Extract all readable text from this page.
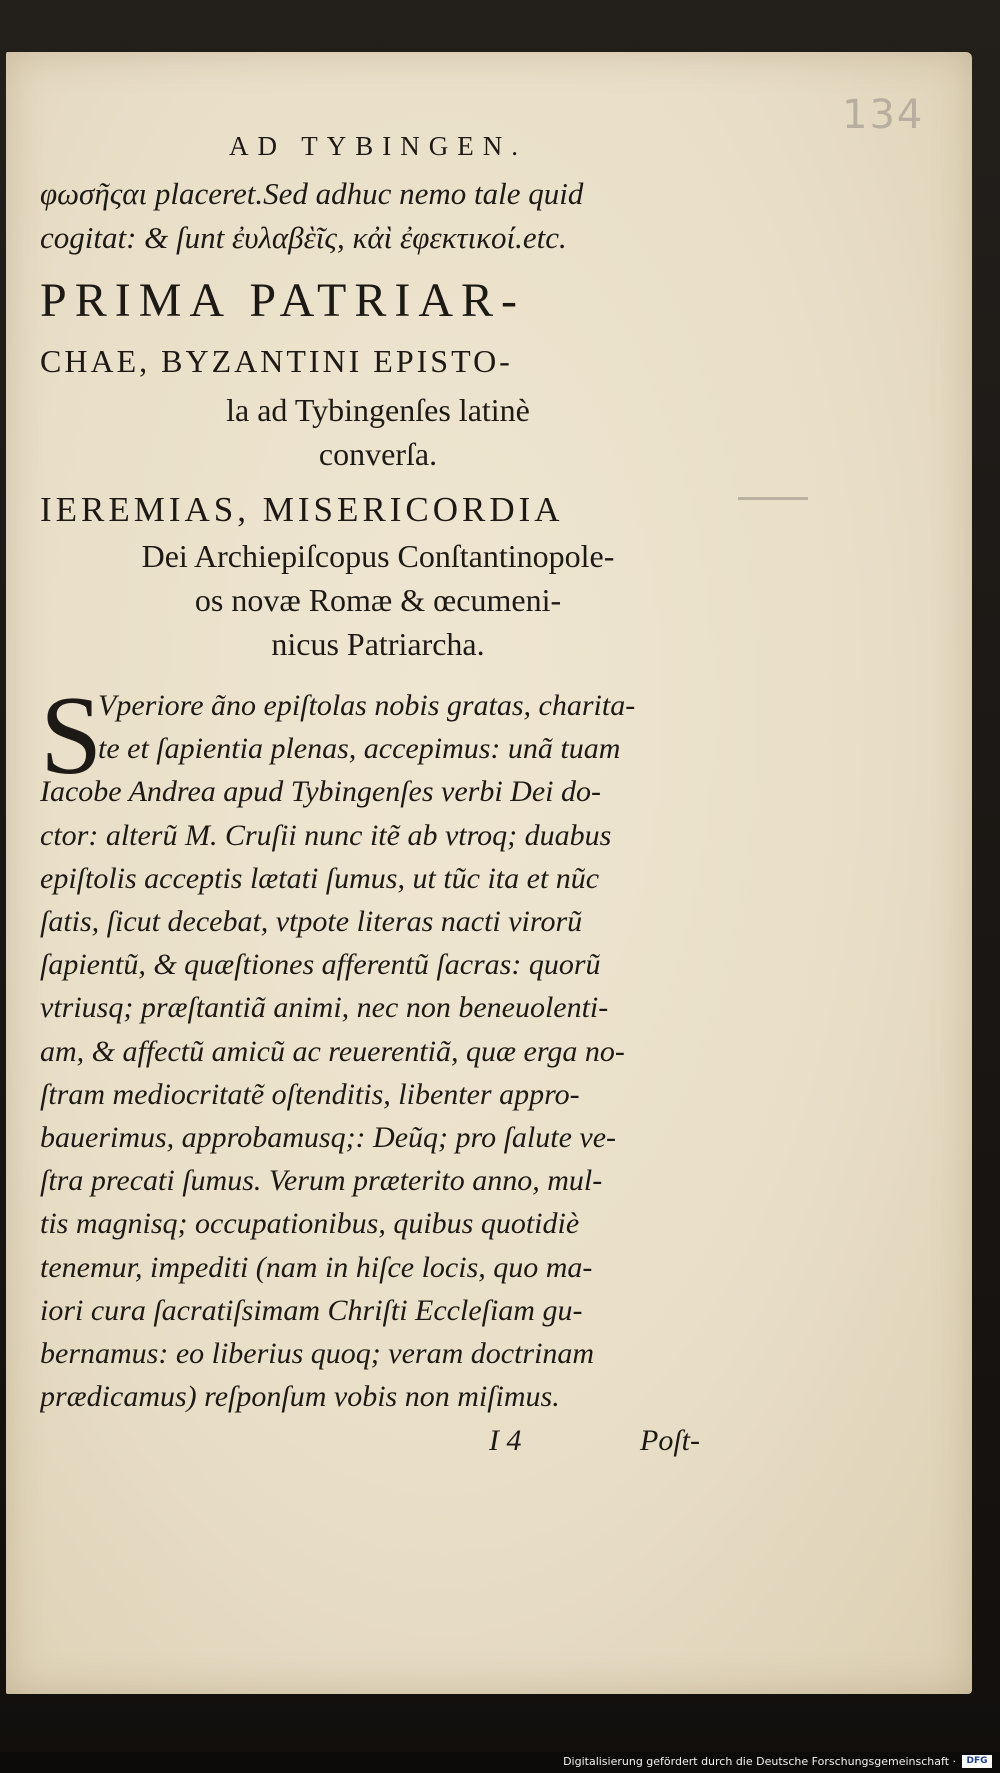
134
AD TYBINGEN.
φωσῆςαι placeret.Sed adhuc nemo tale quid
cogitat: & ſunt ἐυλαβὲῖς, κἀὶ ἐφεκτικοί.etc.
PRIMA PATRIAR-
CHAE, BYZANTINI EPISTO-
la ad Tybingenſes latinè
converſa.
IEREMIAS, MISERICORDIA
Dei Archiepiſcopus Conſtantinopole-
os novæ Romæ & œcumeni-
nicus Patriarcha.
S
Vperiore ãno epiſtolas nobis gratas, charita-
te et ſapientia plenas, accepimus: unã tuam
Iacobe Andrea apud Tybingenſes verbi Dei do-
ctor: alterũ M. Cruſii nunc itẽ ab vtroq; duabus
epiſtolis acceptis lætati ſumus, ut tũc ita et nũc
ſatis, ſicut decebat, vtpote literas nacti virorũ
ſapientũ, & quæſtiones afferentũ ſacras: quorũ
vtriusq; præſtantiã animi, nec non beneuolenti-
am, & affectũ amicũ ac reuerentiã, quæ erga no-
ſtram mediocritatẽ oſtenditis, libenter appro-
bauerimus, approbamusq;: Deũq; pro ſalute ve-
ſtra precati ſumus. Verum præterito anno, mul-
tis magnisq; occupationibus, quibus quotidiè
tenemur, impediti (nam in hiſce locis, quo ma-
iori cura ſacratiſsimam Chriſti Eccleſiam gu-
bernamus: eo liberius quoq; veram doctrinam
prædicamus) reſponſum vobis non miſimus.
I 4	Poſt-
Digitalisierung gefördert durch die Deutsche Forschungsgemeinschaft ·	DFG
